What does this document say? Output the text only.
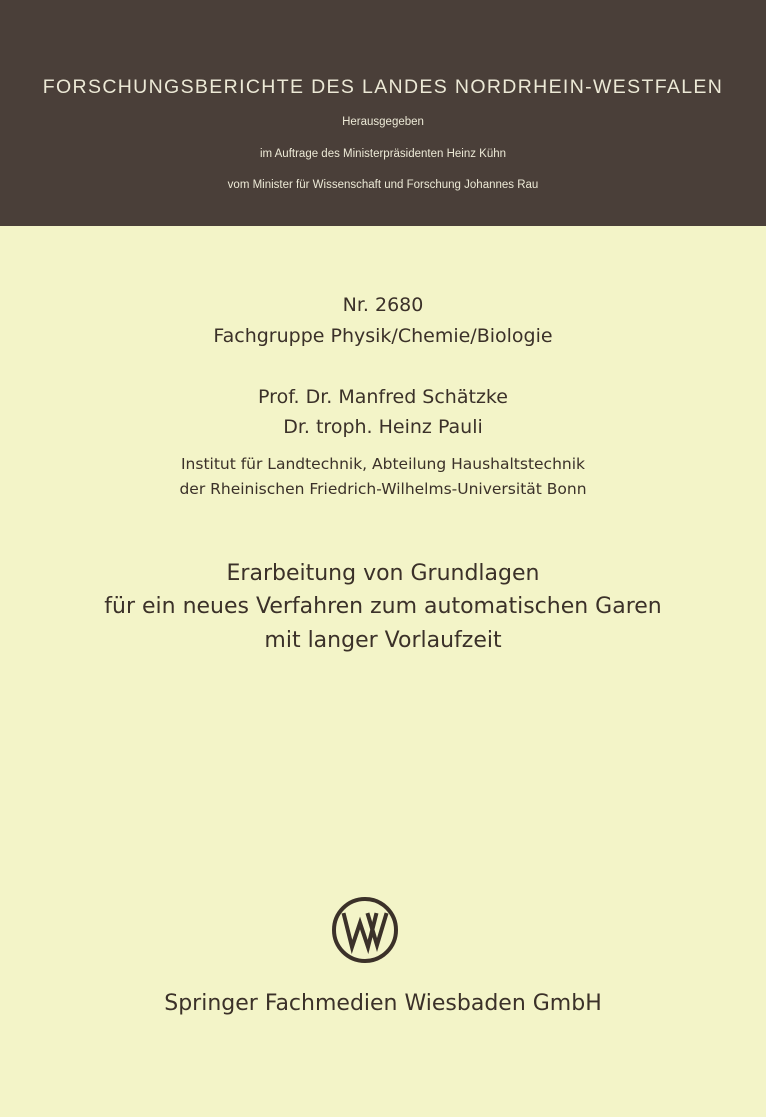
FORSCHUNGSBERICHTE DES LANDES NORDRHEIN-WESTFALEN
Herausgegeben
im Auftrage des Ministerpräsidenten Heinz Kühn
vom Minister für Wissenschaft und Forschung Johannes Rau
Nr. 2680
Fachgruppe Physik/Chemie/Biologie
Prof. Dr. Manfred Schätzke
Dr. troph. Heinz Pauli
Institut für Landtechnik, Abteilung Haushaltstechnik
der Rheinischen Friedrich-Wilhelms-Universität Bonn
Erarbeitung von Grundlagen
für ein neues Verfahren zum automatischen Garen
mit langer Vorlaufzeit
Springer Fachmedien Wiesbaden GmbH
